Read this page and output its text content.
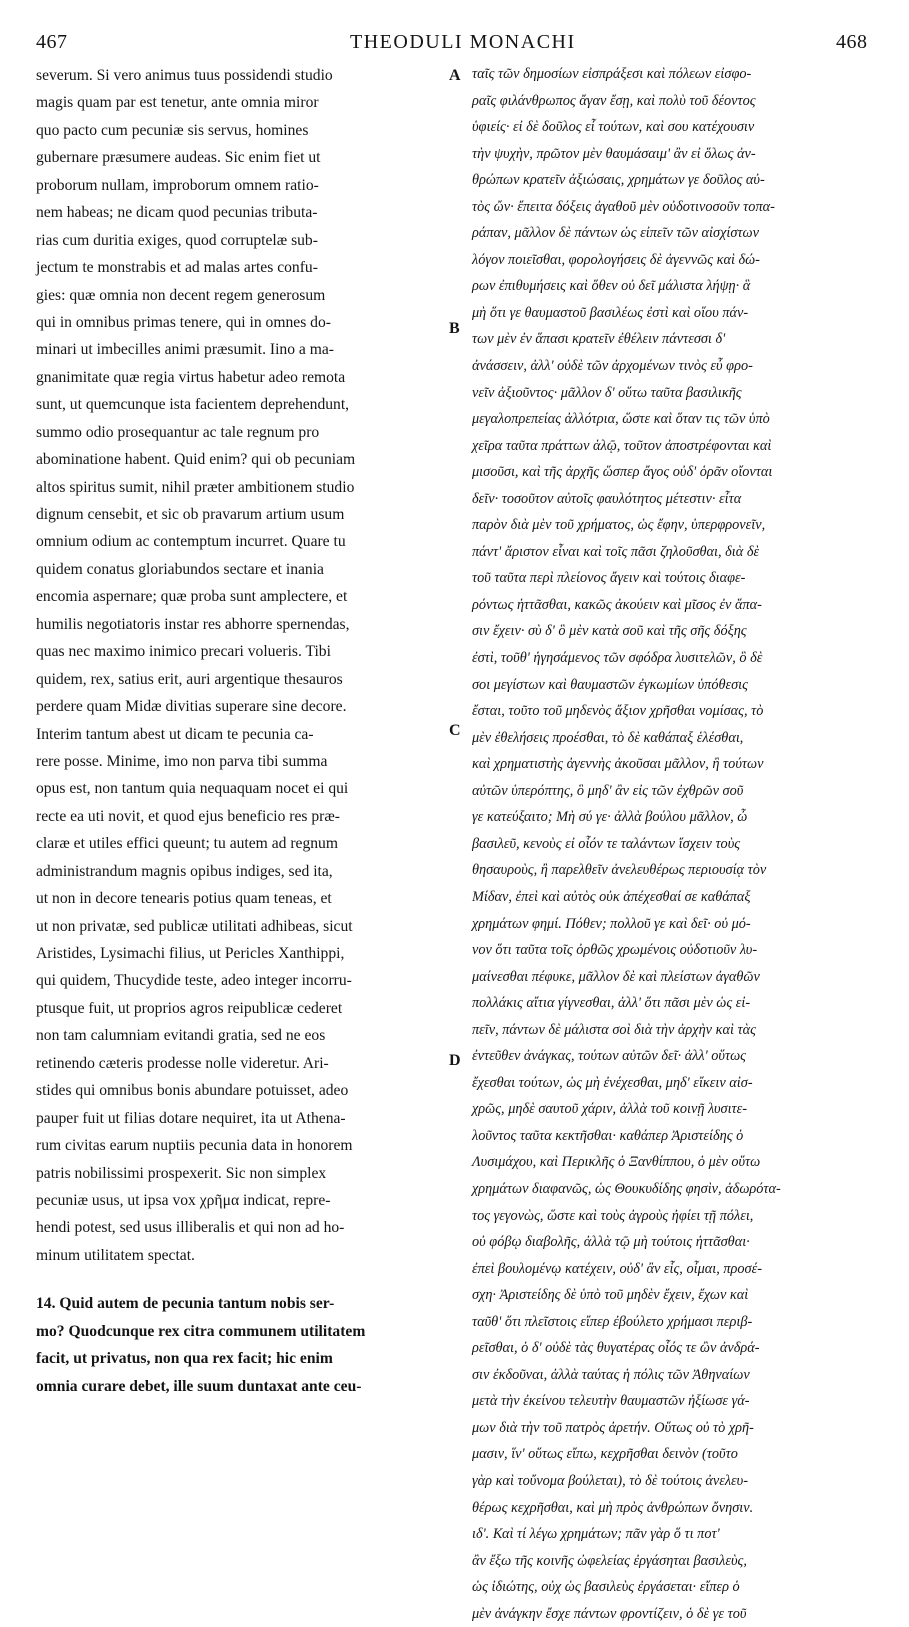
467	THEODULI MONACHI	468
severum. Si vero animus tuus possidendi studio
magis quam par est tenetur, ante omnia miror
quo pacto cum pecuniæ sis servus, homines
gubernare præsumere audeas. Sic enim fiet ut
proborum nullam, improborum omnem ratio-
nem habeas; ne dicam quod pecunias tributa-
rias cum duritia exiges, quod corruptelæ sub-
jectum te monstrabis et ad malas artes confu-
gies: quæ omnia non decent regem generosum
qui in omnibus primas tenere, qui in omnes do-
minari ut imbecilles animi præsumit. Iino a ma-
gnanimitate quæ regia virtus habetur adeo remota
sunt, ut quemcunque ista facientem deprehendunt,
summo odio prosequantur ac tale regnum pro
abominatione habent. Quid enim? qui ob pecuniam
altos spiritus sumit, nihil præter ambitionem studio
dignum censebit, et sic ob pravarum artium usum
omnium odium ac contemptum incurret. Quare tu
quidem conatus gloriabundos sectare et inania
encomia aspernare; quæ proba sunt amplectere, et
humilis negotiatoris instar res abhorre spernendas,
quas nec maximo inimico precari volueris. Tibi
quidem, rex, satius erit, auri argentique thesauros
perdere quam Midæ divitias superare sine decore.
Interim tantum abest ut dicam te pecunia ca-
rere posse. Minime, imo non parva tibi summa
opus est, non tantum quia nequaquam nocet ei qui
recte ea uti novit, et quod ejus beneficio res præ-
claræ et utiles effici queunt; tu autem ad regnum
administrandum magnis opibus indiges, sed ita,
ut non in decore tenearis potius quam teneas, et
ut non privatæ, sed publicæ utilitati adhibeas, sicut
Aristides, Lysimachi filius, ut Pericles Xanthippi,
qui quidem, Thucydide teste, adeo integer incorru-
ptusque fuit, ut proprios agros reipublicæ cederet
non tam calumniam evitandi gratia, sed ne eos
retinendo cæteris prodesse nolle videretur. Ari-
stides qui omnibus bonis abundare potuisset, adeo
pauper fuit ut filias dotare nequiret, ita ut Athena-
rum civitas earum nuptiis pecunia data in honorem
patris nobilissimi prospexerit. Sic non simplex
pecuniæ usus, ut ipsa vox χρῆμα indicat, repre-
hendi potest, sed usus illiberalis et qui non ad ho-
minum utilitatem spectat.
14. Quid autem de pecunia tantum nobis ser-
mo? Quodcunque rex citra communem utilitatem
facit, ut privatus, non qua rex facit; hic enim
omnia curare debet, ille suum duntaxat ante ceu-
A
B
C
D
ταῖς τῶν δημοσίων εἰσπράξεσι καὶ πόλεων εἰσφο-
ραῖς φιλάνθρωπος ἄγαν ἔσῃ, καὶ πολὺ τοῦ δέοντος
ὑφιείς· εἰ δὲ δοῦλος εἶ τούτων, καὶ σου κατέχουσιν
τὴν ψυχὴν, πρῶτον μὲν θαυμάσαιμ' ἂν εἰ ὅλως ἀν-
θρώπων κρατεῖν ἀξιώσαις, χρημάτων γε δοῦλος αὐ-
τὸς ὤν· ἔπειτα δόξεις ἀγαθοῦ μὲν οὐδοτινοσοῦν τοπα-
ράπαν, μᾶλλον δὲ πάντων ὡς εἰπεῖν τῶν αἰσχίστων
λόγον ποιεῖσθαι, φορολογήσεις δὲ ἀγεννῶς καὶ δώ-
ρων ἐπιθυμήσεις καὶ ὅθεν οὐ δεῖ μάλιστα λήψῃ· ἃ
μὴ ὅτι γε θαυμαστοῦ βασιλέως ἐστὶ καὶ οἵου πάν-
των μὲν ἐν ἅπασι κρατεῖν ἐθέλειν πάντεσσι δ'
ἀνάσσειν, ἀλλ' οὐδὲ τῶν ἀρχομένων τινὸς εὖ φρο-
νεῖν ἀξιοῦντος· μᾶλλον δ' οὕτω ταῦτα βασιλικῆς
μεγαλοπρεπείας ἀλλότρια, ὥστε καὶ ὅταν τις τῶν ὑπὸ
χεῖρα ταῦτα πράττων ἁλῷ, τοῦτον ἀποστρέφονται καὶ
μισοῦσι, καὶ τῆς ἀρχῆς ὥσπερ ἄγος οὐδ' ὁρᾶν οἴονται
δεῖν· τοσοῦτον αὐτοῖς φαυλότητος μέτεστιν· εἶτα
παρὸν διὰ μὲν τοῦ χρήματος, ὡς ἔφην, ὑπερφρονεῖν,
πάντ' ἄριστον εἶναι καὶ τοῖς πᾶσι ζηλοῦσθαι, διὰ δὲ
τοῦ ταῦτα περὶ πλείονος ἄγειν καὶ τούτοις διαφε-
ρόντως ἡττᾶσθαι, κακῶς ἀκούειν καὶ μῖσος ἐν ἅπα-
σιν ἔχειν· σὺ δ' ὃ μὲν κατὰ σοῦ καὶ τῆς σῆς δόξης
ἐστὶ, τοῦθ' ἡγησάμενος τῶν σφόδρα λυσιτελῶν, ὃ δὲ
σοι μεγίστων καὶ θαυμαστῶν ἐγκωμίων ὑπόθεσις
ἔσται, τοῦτο τοῦ μηδενὸς ἄξιον χρῆσθαι νομίσας, τὸ
μὲν ἐθελήσεις προέσθαι, τὸ δὲ καθάπαξ ἑλέσθαι,
καὶ χρηματιστὴς ἀγεννὴς ἀκοῦσαι μᾶλλον, ἢ τούτων
αὐτῶν ὑπερόπτης, ὃ μηδ' ἂν εἰς τῶν ἐχθρῶν σοῦ
γε κατεύξαιτο; Μὴ σύ γε· ἀλλὰ βούλου μᾶλλον, ὦ
βασιλεῦ, κενοὺς εἰ οἷόν τε ταλάντων ἴσχειν τοὺς
θησαυροὺς, ἢ παρελθεῖν ἀνελευθέρως περιουσίᾳ τὸν
Μίδαν, ἐπεὶ καὶ αὐτὸς οὐκ ἀπέχεσθαί σε καθάπαξ
χρημάτων φημί. Πόθεν; πολλοῦ γε καὶ δεῖ· οὐ μό-
νον ὅτι ταῦτα τοῖς ὀρθῶς χρωμένοις οὐδοτιοῦν λυ-
μαίνεσθαι πέφυκε, μᾶλλον δὲ καὶ πλείστων ἀγαθῶν
πολλάκις αἴτια γίγνεσθαι, ἀλλ' ὅτι πᾶσι μὲν ὡς εἰ-
πεῖν, πάντων δὲ μάλιστα σοὶ διὰ τὴν ἀρχὴν καὶ τὰς
ἐντεῦθεν ἀνάγκας, τούτων αὐτῶν δεῖ· ἀλλ' οὕτως
ἔχεσθαι τούτων, ὡς μὴ ἐνέχεσθαι, μηδ' εἴκειν αἰσ-
χρῶς, μηδὲ σαυτοῦ χάριν, ἀλλὰ τοῦ κοινῇ λυσιτε-
λοῦντος ταῦτα κεκτῆσθαι· καθάπερ Ἀριστείδης ὁ
Λυσιμάχου, καὶ Περικλῆς ὁ Ξανθίππου, ὁ μὲν οὕτω
χρημάτων διαφανῶς, ὡς Θουκυδίδης φησὶν, ἀδωρότα-
τος γεγονὼς, ὥστε καὶ τοὺς ἀγροὺς ἠφίει τῇ πόλει,
οὐ φόβῳ διαβολῆς, ἀλλὰ τῷ μὴ τούτοις ἡττᾶσθαι·
ἐπεὶ βουλομένῳ κατέχειν, οὐδ' ἂν εἷς, οἶμαι, προσέ-
σχη· Ἀριστείδης δὲ ὑπὸ τοῦ μηδὲν ἔχειν, ἔχων καὶ
ταῦθ' ὅτι πλεῖστοις εἴπερ ἐβούλετο χρήμασι περιβ-
ρεῖσθαι, ὁ δ' οὐδὲ τὰς θυγατέρας οἷός τε ὢν ἀνδρά-
σιν ἐκδοῦναι, ἀλλὰ ταύτας ἡ πόλις τῶν Ἀθηναίων
μετὰ τὴν ἐκείνου τελευτὴν θαυμαστῶν ἠξίωσε γά-
μων διὰ τὴν τοῦ πατρὸς ἀρετήν. Οὕτως οὐ τὸ χρῆ-
μασιν, ἵν' οὕτως εἴπω, κεχρῆσθαι δεινὸν (τοῦτο
γὰρ καὶ τοὔνομα βούλεται), τὸ δὲ τούτοις ἀνελευ-
θέρως κεχρῆσθαι, καὶ μὴ πρὸς ἀνθρώπων ὄνησιν.
ιδ'. Καὶ τί λέγω χρημάτων; πᾶν γὰρ ὅ τι ποτ'
ἂν ἔξω τῆς κοινῆς ὠφελείας ἐργάσηται βασιλεὺς,
ὡς ἰδιώτης, οὐχ ὡς βασιλεὺς ἐργάσεται· εἴπερ ὁ
μὲν ἀνάγκην ἔσχε πάντων φροντίζειν, ὁ δὲ γε τοῦ
